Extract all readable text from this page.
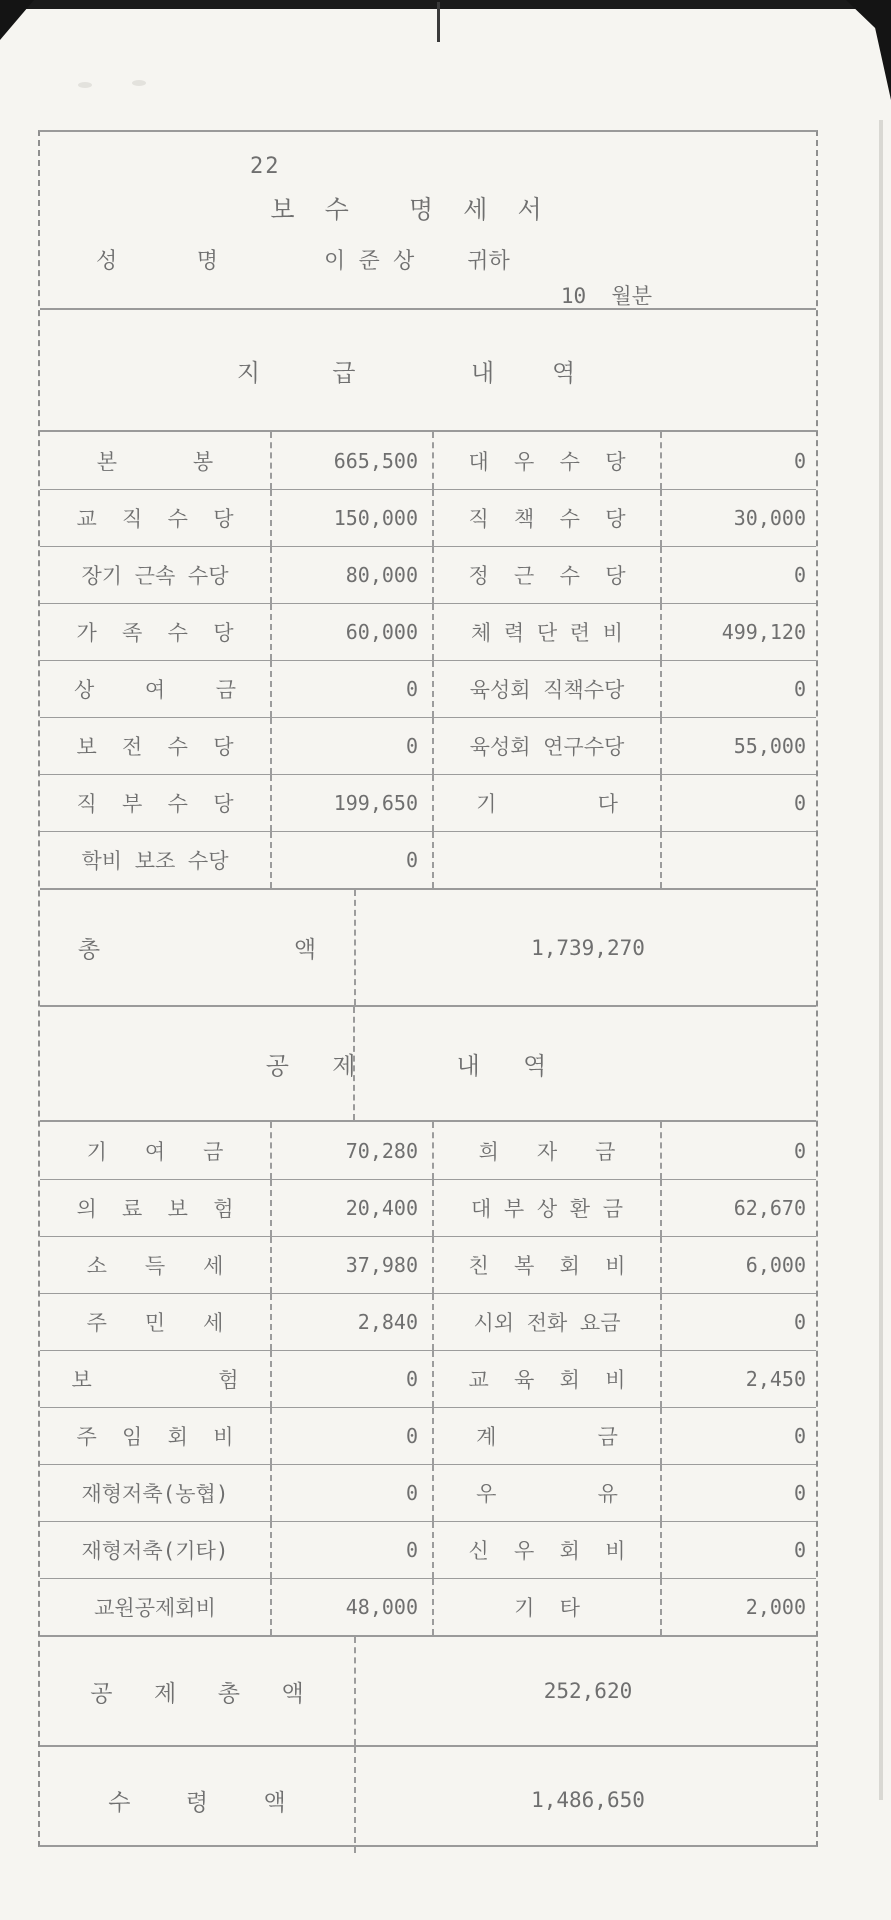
22
보  수    명  세  서
성      명	이 준 상 귀하
10  월분
지     급        내    역
본      봉	665,500	대  우  수  당	0
교  직  수  당	150,000	직  책  수  당	30,000
장기 근속 수당	80,000	정  근  수  당	0
가  족  수  당	60,000	체 력 단 련 비	499,120
상    여    금	0	육성회 직책수당	0
보  전  수  당	0	육성회 연구수당	55,000
직  부  수  당	199,650	기        다	0
학비 보조 수당	0
총              액	1,739,270
공   제       내   역
기   여   금	70,280	희   자   금	0
의  료  보  험	20,400	대 부 상 환 금	62,670
소   득   세	37,980	친  복  회  비	6,000
주   민   세	2,840	시외 전화 요금	0
보          험	0	교  육  회  비	2,450
주  임  회  비	0	계        금	0
재형저축(농협)	0	우        유	0
재형저축(기타)	0	신  우  회  비	0
교원공제회비	48,000	기  타	2,000
공   제   총   액	252,620
수    령    액	1,486,650
